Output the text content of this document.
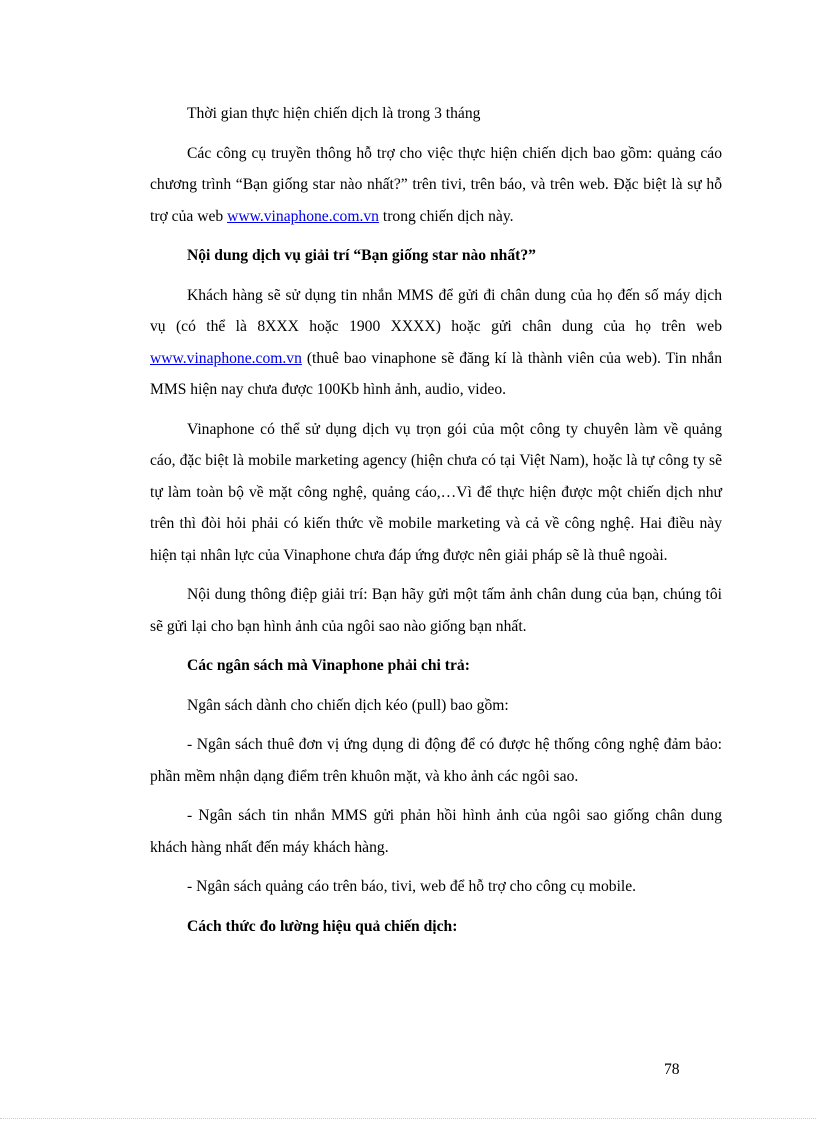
Thời gian thực hiện chiến dịch là trong 3 tháng

Các công cụ truyền thông hỗ trợ cho việc thực hiện chiến dịch bao gồm: quảng cáo chương trình “Bạn giống star nào nhất?” trên tivi, trên báo, và trên web. Đặc biệt là sự hỗ trợ của web www.vinaphone.com.vn trong chiến dịch này.

Nội dung dịch vụ giải trí “Bạn giống star nào nhất?”

Khách hàng sẽ sử dụng tin nhắn MMS để gửi đi chân dung của họ đến số máy dịch vụ (có thể là 8XXX hoặc 1900 XXXX) hoặc gửi chân dung của họ trên web www.vinaphone.com.vn (thuê bao vinaphone sẽ đăng kí là thành viên của web). Tin nhắn MMS hiện nay chưa được 100Kb hình ảnh, audio, video.

Vinaphone có thể sử dụng dịch vụ trọn gói của một công ty chuyên làm về quảng cáo, đặc biệt là mobile marketing agency (hiện chưa có tại Việt Nam), hoặc là tự công ty sẽ tự làm toàn bộ về mặt công nghệ, quảng cáo,…Vì để thực hiện được một chiến dịch như trên thì đòi hỏi phải có kiến thức về mobile marketing và cả về công nghệ. Hai điều này hiện tại nhân lực của Vinaphone chưa đáp ứng được nên giải pháp sẽ là thuê ngoài.

Nội dung thông điệp giải trí: Bạn hãy gửi một tấm ảnh chân dung của bạn, chúng tôi sẽ gửi lại cho bạn hình ảnh của ngôi sao nào giống bạn nhất.

Các ngân sách mà Vinaphone phải chi trả:

Ngân sách dành cho chiến dịch kéo (pull) bao gồm:

- Ngân sách thuê đơn vị ứng dụng di động để có được hệ thống công nghệ đảm bảo: phần mềm nhận dạng điểm trên khuôn mặt, và kho ảnh các ngôi sao.

- Ngân sách tin nhắn MMS gửi phản hồi hình ảnh của ngôi sao giống chân dung khách hàng nhất đến máy khách hàng.

- Ngân sách quảng cáo trên báo, tivi, web để hỗ trợ cho công cụ mobile.

Cách thức đo lường hiệu quả chiến dịch:

78
